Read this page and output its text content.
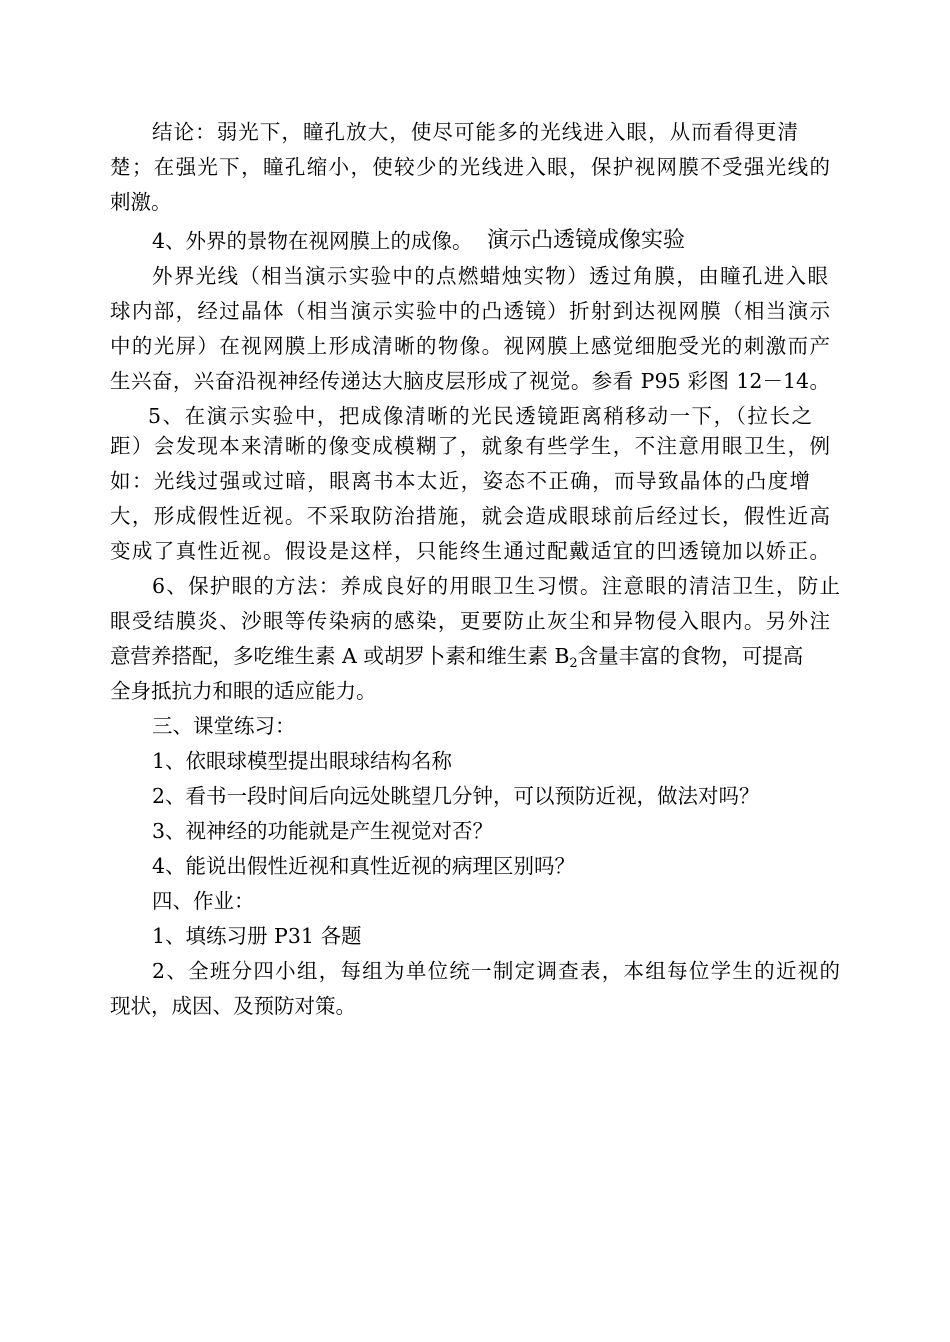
结论：弱光下，瞳孔放大，使尽可能多的光线进入眼，从而看得更清
楚；在强光下，瞳孔缩小，使较少的光线进入眼，保护视网膜不受强光线的
刺激。
4、外界的景物在视网膜上的成像。 演示凸透镜成像实验
外界光线（相当演示实验中的点燃蜡烛实物）透过角膜，由瞳孔进入眼
球内部，经过晶体（相当演示实验中的凸透镜）折射到达视网膜（相当演示
中的光屏）在视网膜上形成清晰的物像。视网膜上感觉细胞受光的刺激而产
生兴奋，兴奋沿视神经传递达大脑皮层形成了视觉。参看 P95 彩图 12－14。
5、在演示实验中，把成像清晰的光民透镜距离稍移动一下，（拉长之
距）会发现本来清晰的像变成模糊了，就象有些学生，不注意用眼卫生，例
如：光线过强或过暗，眼离书本太近，姿态不正确，而导致晶体的凸度增
大，形成假性近视。不采取防治措施，就会造成眼球前后经过长，假性近高
变成了真性近视。假设是这样，只能终生通过配戴适宜的凹透镜加以娇正。
6、保护眼的方法：养成良好的用眼卫生习惯。注意眼的清洁卫生，防止
眼受结膜炎、沙眼等传染病的感染，更要防止灰尘和异物侵入眼内。另外注
意营养搭配，多吃维生素 A 或胡罗卜素和维生素 $B_2$含量丰富的食物，可提高
全身抵抗力和眼的适应能力。
三、课堂练习：
1、依眼球模型提出眼球结构名称
2、看书一段时间后向远处眺望几分钟，可以预防近视，做法对吗？
3、视神经的功能就是产生视觉对否？
4、能说出假性近视和真性近视的病理区别吗？
四、作业：
1、填练习册 P31 各题
2、全班分四小组，每组为单位统一制定调查表，本组每位学生的近视的
现状，成因、及预防对策。
